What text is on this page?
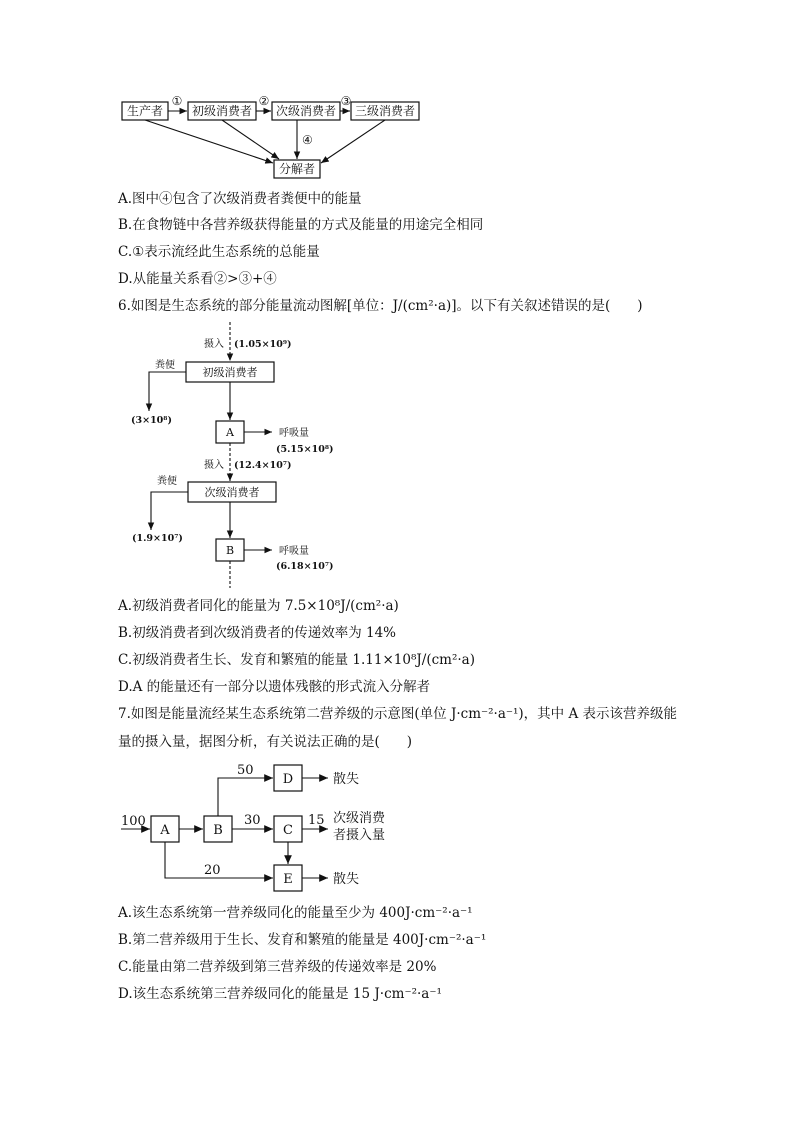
生产者 初级消费者 次级消费者 三级消费者
分解者
①	②	③
④
A.图中④包含了次级消费者粪便中的能量
B.在食物链中各营养级获得能量的方式及能量的用途完全相同
C.①表示流经此生态系统的总能量
D.从能量关系看②>③+④
6.如图是生态系统的部分能量流动图解[单位：J/(cm²·a)]。以下有关叙述错误的是(　　)
摄入 (1.05×10⁹)
初级消费者
粪便
(3×10⁸)
A	呼吸量
(5.15×10⁸)
摄入 (12.4×10⁷)
次级消费者
粪便
(1.9×10⁷)
B	呼吸量
(6.18×10⁷)
A.初级消费者同化的能量为 7.5×10⁸J/(cm²·a)
B.初级消费者到次级消费者的传递效率为 14%
C.初级消费者生长、发育和繁殖的能量 1.11×10⁸J/(cm²·a)
D.A 的能量还有一部分以遗体残骸的形式流入分解者
7.如图是能量流经某生态系统第二营养级的示意图(单位 J·cm⁻²·a⁻¹)，其中 A 表示该营养级能
量的摄入量，据图分析，有关说法正确的是(　　)
100
A	B
50
D	散失
30
C
15 次级消费
者摄入量
20
E	散失
A.该生态系统第一营养级同化的能量至少为 400J·cm⁻²·a⁻¹
B.第二营养级用于生长、发育和繁殖的能量是 400J·cm⁻²·a⁻¹
C.能量由第二营养级到第三营养级的传递效率是 20%
D.该生态系统第三营养级同化的能量是 15 J·cm⁻²·a⁻¹
